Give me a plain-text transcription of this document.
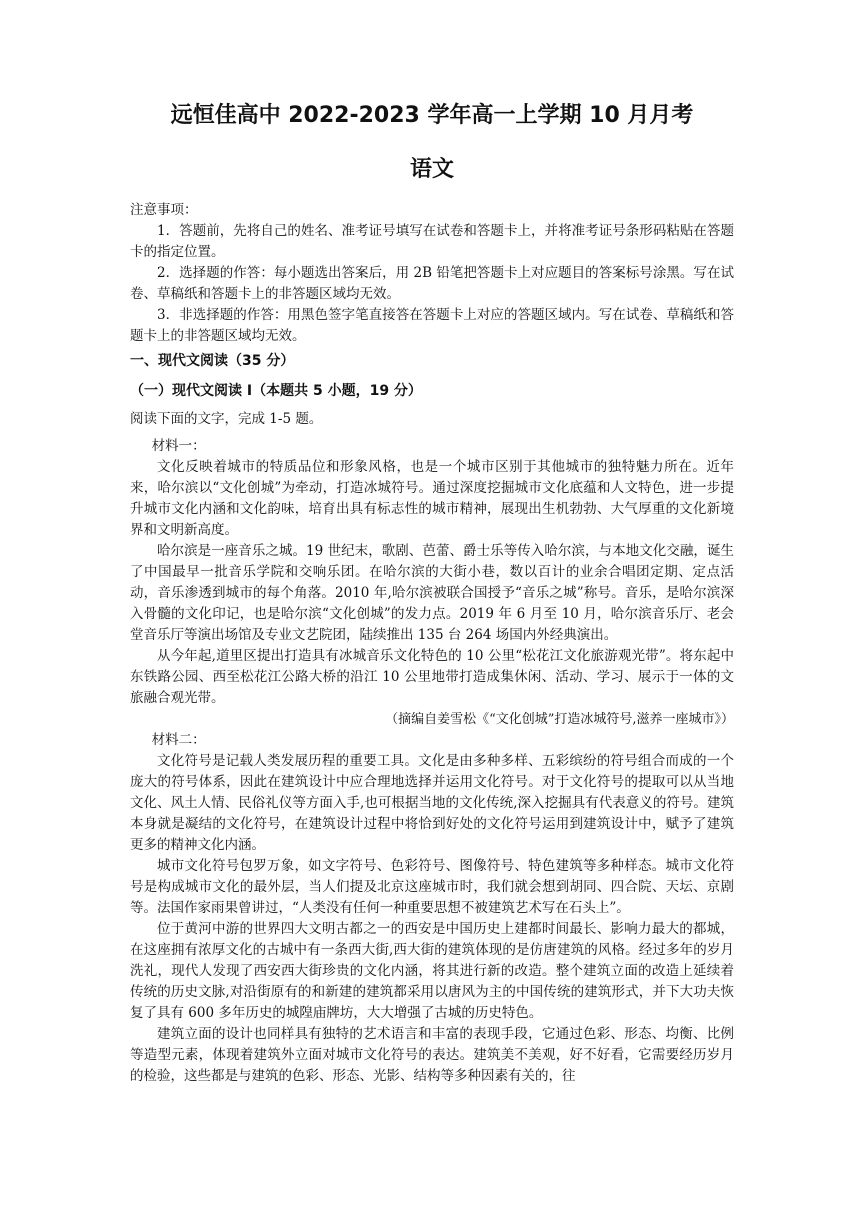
远恒佳高中 2022-2023 学年高一上学期 10 月月考
语文

注意事项：

1．答题前，先将自己的姓名、准考证号填写在试卷和答题卡上，并将准考证号条形码粘贴在答题卡的指定位置。

2．选择题的作答：每小题选出答案后，用 2B 铅笔把答题卡上对应题目的答案标号涂黑。写在试卷、草稿纸和答题卡上的非答题区域均无效。

3．非选择题的作答：用黑色签字笔直接答在答题卡上对应的答题区域内。写在试卷、草稿纸和答题卡上的非答题区域均无效。

一、现代文阅读（35 分）
（一）现代文阅读 I（本题共 5 小题，19 分）

阅读下面的文字，完成 1-5 题。

材料一：

文化反映着城市的特质品位和形象风格，也是一个城市区别于其他城市的独特魅力所在。近年来，哈尔滨以“文化创城”为牵动，打造冰城符号。通过深度挖掘城市文化底蕴和人文特色，进一步提升城市文化内涵和文化韵味，培育出具有标志性的城市精神，展现出生机勃勃、大气厚重的文化新境界和文明新高度。

哈尔滨是一座音乐之城。19 世纪末，歌剧、芭蕾、爵士乐等传入哈尔滨，与本地文化交融，诞生了中国最早一批音乐学院和交响乐团。在哈尔滨的大街小巷，数以百计的业余合唱团定期、定点活动，音乐渗透到城市的每个角落。2010 年,哈尔滨被联合国授予“音乐之城”称号。音乐，是哈尔滨深入骨髓的文化印记，也是哈尔滨“文化创城”的发力点。2019 年 6 月至 10 月，哈尔滨音乐厅、老会堂音乐厅等演出场馆及专业文艺院团，陆续推出 135 台 264 场国内外经典演出。

从今年起,道里区提出打造具有冰城音乐文化特色的 10 公里“松花江文化旅游观光带”。将东起中东铁路公园、西至松花江公路大桥的沿江 10 公里地带打造成集休闲、活动、学习、展示于一体的文旅融合观光带。

（摘编自姜雪松《“文化创城”打造冰城符号,滋养一座城市》）

材料二：

文化符号是记载人类发展历程的重要工具。文化是由多种多样、五彩缤纷的符号组合而成的一个庞大的符号体系，因此在建筑设计中应合理地选择并运用文化符号。对于文化符号的提取可以从当地文化、风土人情、民俗礼仪等方面入手,也可根据当地的文化传统,深入挖掘具有代表意义的符号。建筑本身就是凝结的文化符号，在建筑设计过程中将恰到好处的文化符号运用到建筑设计中，赋予了建筑更多的精神文化内涵。

城市文化符号包罗万象，如文字符号、色彩符号、图像符号、特色建筑等多种样态。城市文化符号是构成城市文化的最外层，当人们提及北京这座城市时，我们就会想到胡同、四合院、天坛、京剧等。法国作家雨果曾讲过，“人类没有任何一种重要思想不被建筑艺术写在石头上”。

位于黄河中游的世界四大文明古都之一的西安是中国历史上建都时间最长、影响力最大的都城，在这座拥有浓厚文化的古城中有一条西大街,西大街的建筑体现的是仿唐建筑的风格。经过多年的岁月洗礼，现代人发现了西安西大街珍贵的文化内涵，将其进行新的改造。整个建筑立面的改造上延续着传统的历史文脉,对沿街原有的和新建的建筑都采用以唐风为主的中国传统的建筑形式，并下大功夫恢复了具有 600 多年历史的城隍庙牌坊，大大增强了古城的历史特色。

建筑立面的设计也同样具有独特的艺术语言和丰富的表现手段，它通过色彩、形态、均衡、比例等造型元素，体现着建筑外立面对城市文化符号的表达。建筑美不美观，好不好看，它需要经历岁月的检验，这些都是与建筑的色彩、形态、光影、结构等多种因素有关的，往
